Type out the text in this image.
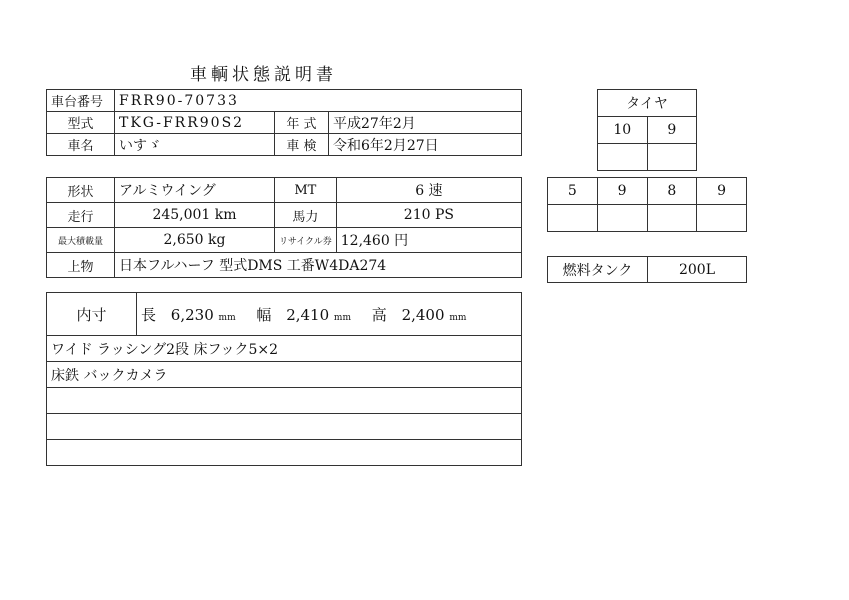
車輌状態説明書
車台番号	FRR90-70733		
型式	TKG-FRR90S2	年 式	平成27年2月
車名	いすゞ	車 検	令和6年2月27日
形状	アルミウイング	MT	6 速
走行	245,001 km	馬力	210 PS
最大積載量	2,650 kg	リサイクル券	12,460 円
上物	日本フルハーフ 型式DMS 工番W4DA274		
内寸	長 6,230 mm 幅 2,410 mm 高 2,400 mm
ワイド ラッシング2段 床フック5×2
床鉄 バックカメラ

タイヤ	
10	9

5	9	8	9

燃料タンク	200L
